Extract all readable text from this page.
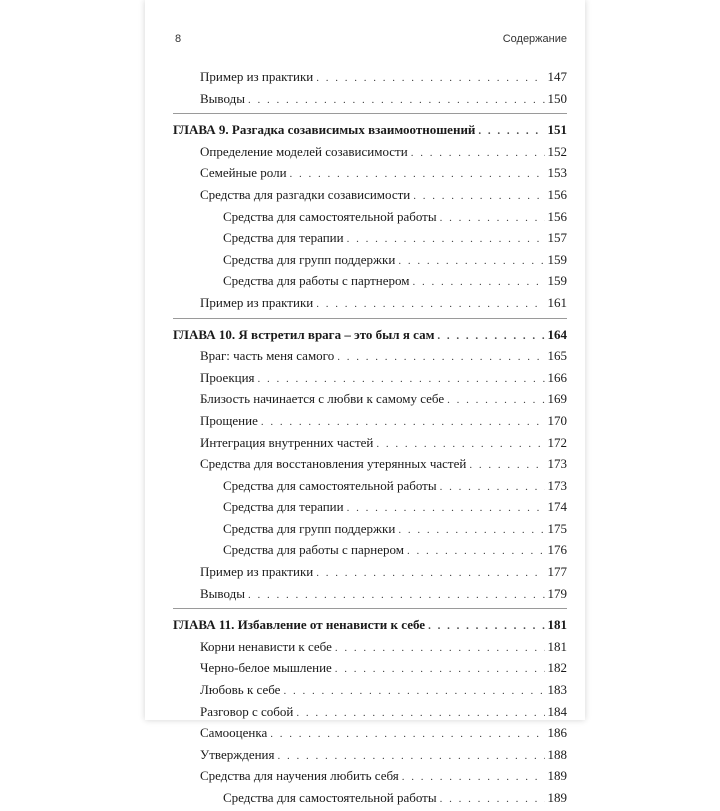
8	Содержание
Пример из практики . . .	147
Выводы . . .	150
ГЛАВА 9. Разгадка созависимых взаимоотношений . . .	151
Определение моделей созависимости . . .	152
Семейные роли . . .	153
Средства для разгадки созависимости . . .	156
Средства для самостоятельной работы . . .	156
Средства для терапии . . .	157
Средства для групп поддержки . . .	159
Средства для работы с партнером . . .	159
Пример из практики . . .	161
ГЛАВА 10. Я встретил врага – это был я сам . . .	164
Враг: часть меня самого . . .	165
Проекция . . .	166
Близость начинается с любви к самому себе . . .	169
Прощение . . .	170
Интеграция внутренних частей . . .	172
Средства для восстановления утерянных частей . . .	173
Средства для самостоятельной работы . . .	173
Средства для терапии . . .	174
Средства для групп поддержки . . .	175
Средства для работы с парнером . . .	176
Пример из практики . . .	177
Выводы . . .	179
ГЛАВА 11. Избавление от ненависти к себе . . .	181
Корни ненависти к себе . . .	181
Черно-белое мышление . . .	182
Любовь к себе . . .	183
Разговор с собой . . .	184
Самооценка . . .	186
Утверждения . . .	188
Средства для научения любить себя . . .	189
Средства для самостоятельной работы . . .	189
